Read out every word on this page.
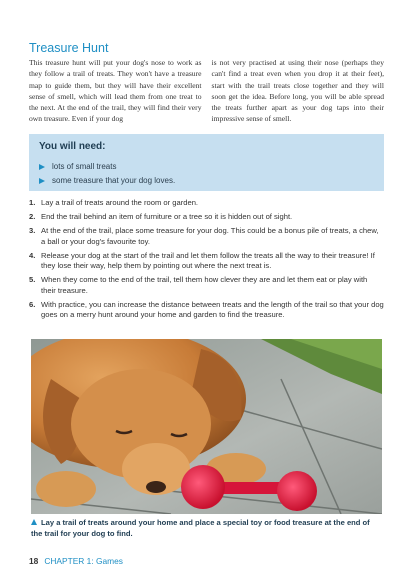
Treasure Hunt

This treasure hunt will put your dog's nose to work as they follow a trail of treats. They won't have a treasure map to guide them, but they will have their excellent sense of smell, which will lead them from one treat to the next. At the end of the trail, they will find their very own treasure. Even if your dog

is not very practised at using their nose (perhaps they can't find a treat even when you drop it at their feet), start with the trail treats close together and they will soon get the idea. Before long, you will be able spread the treats further apart as your dog taps into their impressive sense of smell.

You will need:
lots of small treats
some treasure that your dog loves.
1. Lay a trail of treats around the room or garden.
2. End the trail behind an item of furniture or a tree so it is hidden out of sight.
3. At the end of the trail, place some treasure for your dog. This could be a bonus pile of treats, a chew, a ball or your dog's favourite toy.
4. Release your dog at the start of the trail and let them follow the treats all the way to their treasure! If they lose their way, help them by pointing out where the next treat is.
5. When they come to the end of the trail, tell them how clever they are and let them eat or play with their treasure.
6. With practice, you can increase the distance between treats and the length of the trail so that your dog goes on a merry hunt around your home and garden to find the treasure.

Lay a trail of treats around your home and place a special toy or food treasure at the end of the trail for your dog to find.

18 CHAPTER 1: Games
